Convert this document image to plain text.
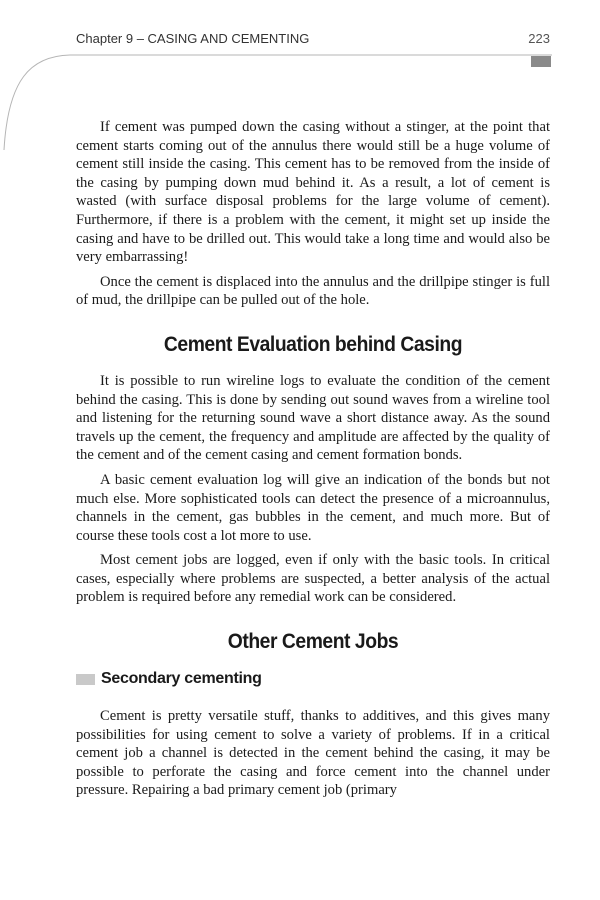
Chapter 9 – CASING AND CEMENTING	223

If cement was pumped down the casing without a stinger, at the point that cement starts coming out of the annulus there would still be a huge volume of cement still inside the casing. This cement has to be removed from the inside of the casing by pumping down mud behind it. As a result, a lot of cement is wasted (with surface disposal problems for the large volume of cement). Furthermore, if there is a problem with the cement, it might set up inside the casing and have to be drilled out. This would take a long time and would also be very embarrassing!

Once the cement is displaced into the annulus and the drillpipe stinger is full of mud, the drillpipe can be pulled out of the hole.

Cement Evaluation behind Casing

It is possible to run wireline logs to evaluate the condition of the cement behind the casing. This is done by sending out sound waves from a wireline tool and listening for the returning sound wave a short distance away. As the sound travels up the cement, the frequency and amplitude are affected by the quality of the cement and of the cement casing and cement formation bonds.

A basic cement evaluation log will give an indication of the bonds but not much else. More sophisticated tools can detect the presence of a microannulus, channels in the cement, gas bubbles in the cement, and much more. But of course these tools cost a lot more to use.

Most cement jobs are logged, even if only with the basic tools. In critical cases, especially where problems are suspected, a better analysis of the actual problem is required before any remedial work can be considered.

Other Cement Jobs
Secondary cementing

Cement is pretty versatile stuff, thanks to additives, and this gives many possibilities for using cement to solve a variety of problems. If in a critical cement job a channel is detected in the cement behind the casing, it may be possible to perforate the casing and force cement into the channel under pressure. Repairing a bad primary cement job (primary
